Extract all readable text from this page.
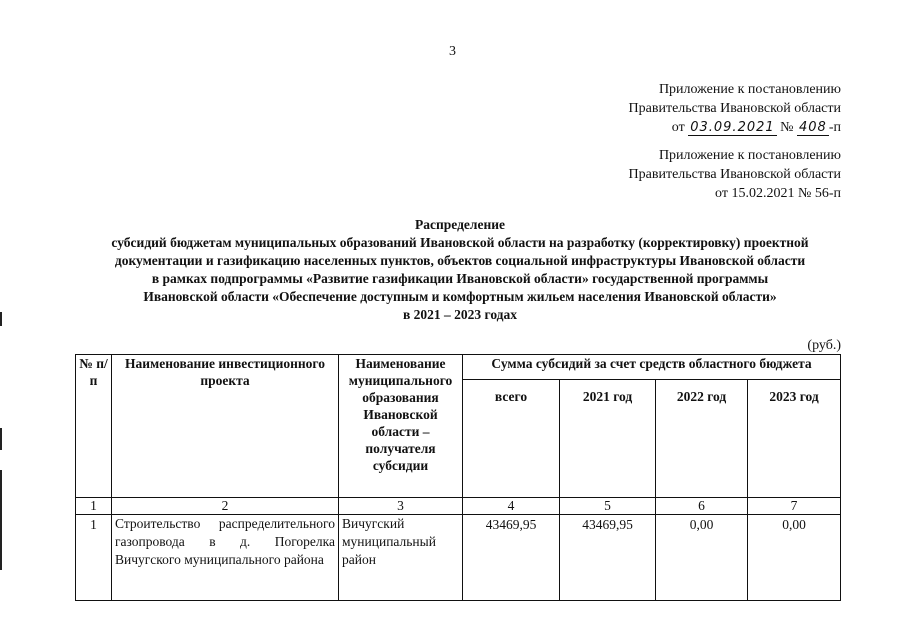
3
Приложение к постановлению
Правительства Ивановской области
от 03.09.2021 № 408 -п
Приложение к постановлению
Правительства Ивановской области
от 15.02.2021 № 56-п
Распределение
субсидий бюджетам муниципальных образований Ивановской области на разработку (корректировку) проектной
документации и газификацию населенных пунктов, объектов социальной инфраструктуры Ивановской области
в рамках подпрограммы «Развитие газификации Ивановской области» государственной программы
Ивановской области «Обеспечение доступным и комфортным жильем населения Ивановской области»
в 2021 – 2023 годах
(руб.)
№ п/п	Наименование инвестиционного проекта	Наименование муниципального образования Ивановской области – получателя субсидии	Сумма субсидий за счет средств областного бюджета			
			всего	2021 год	2022 год	2023 год
1	2	3	4	5	6	7
1	Строительство распределительного газопровода в д. Погорелка Вичугского муниципального района	Вичугский муниципальный район	43469,95	43469,95	0,00	0,00
